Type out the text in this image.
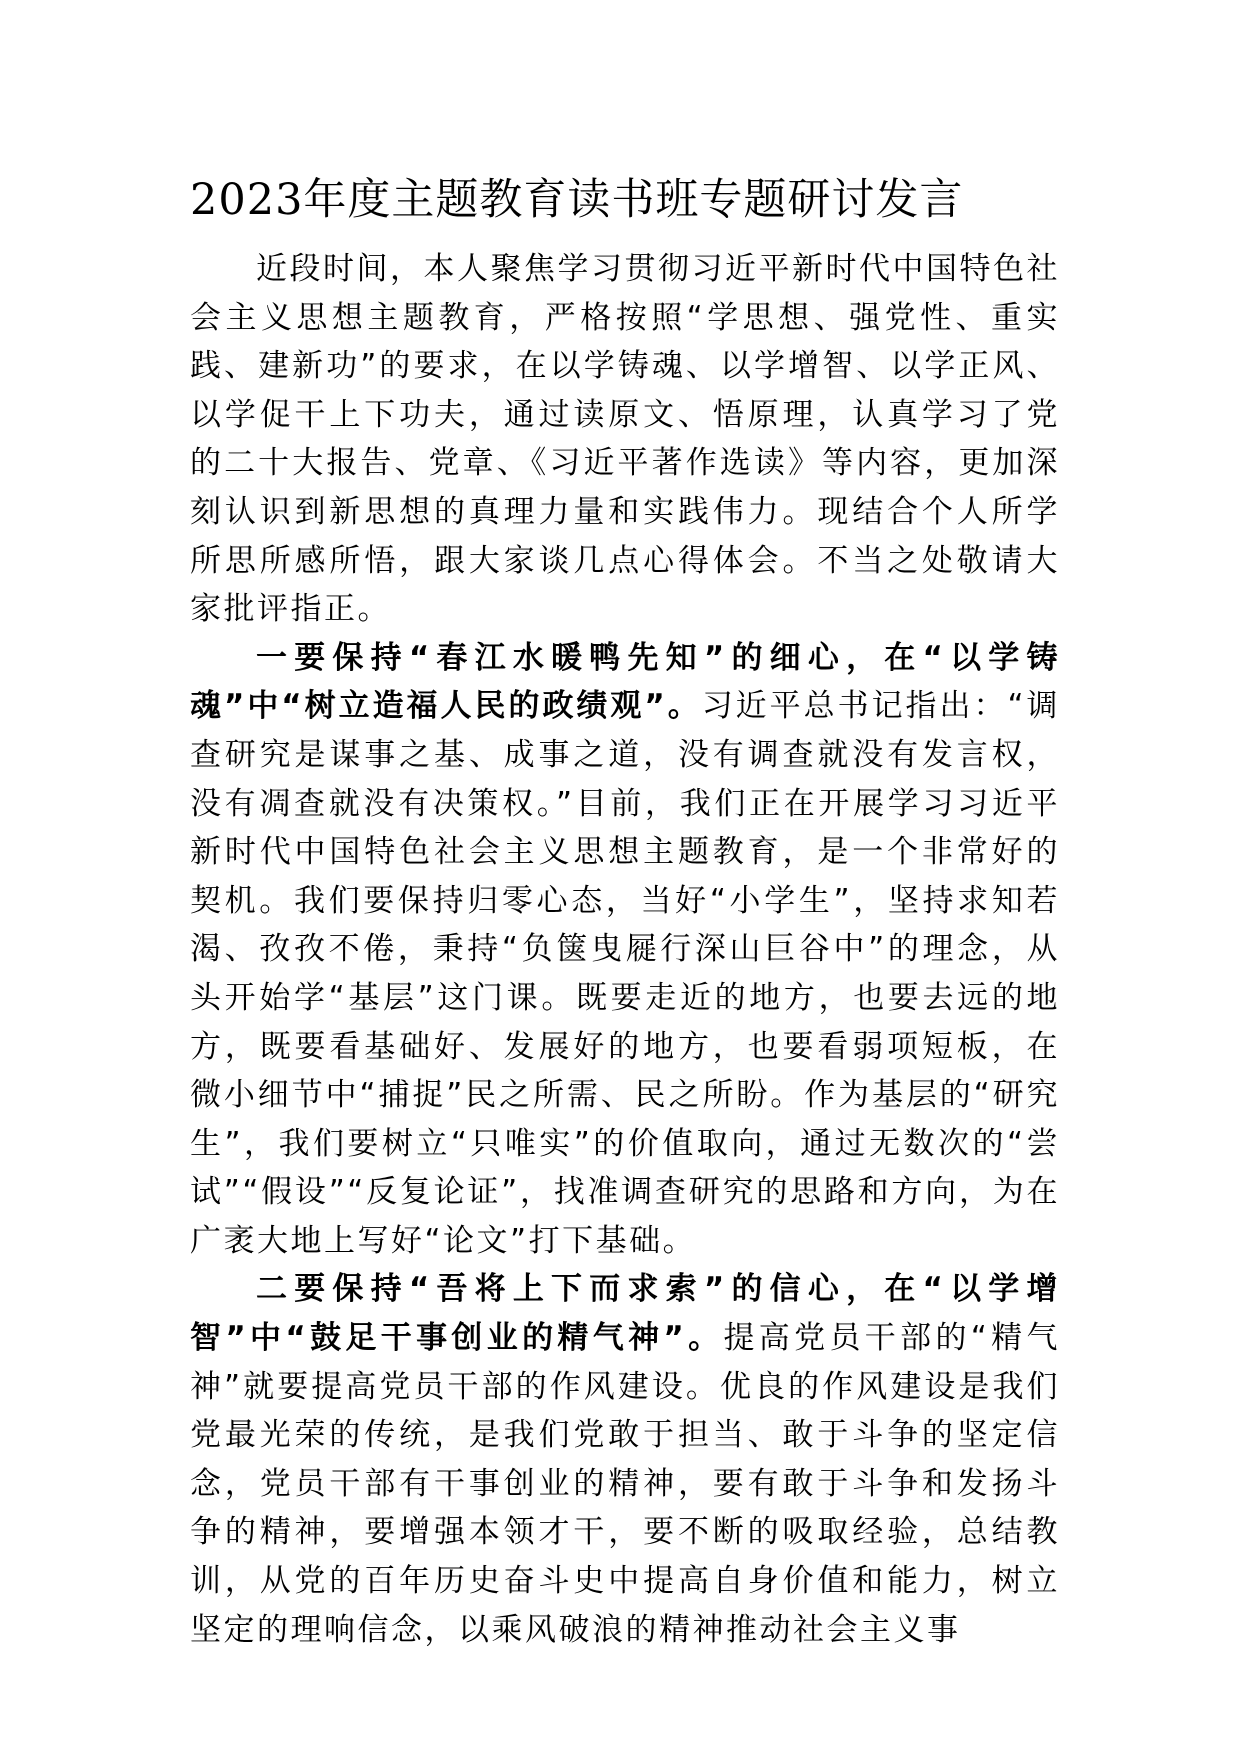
2023年度主题教育读书班专题研讨发言

近段时间，本人聚焦学习贯彻习近平新时代中国特色社会主义思想主题教育，严格按照“学思想、强党性、重实践、建新功”的要求，在以学铸魂、以学增智、以学正风、以学促干上下功夫，通过读原文、悟原理，认真学习了党的二十大报告、党章、《习近平著作选读》等内容，更加深刻认识到新思想的真理力量和实践伟力。现结合个人所学所思所感所悟，跟大家谈几点心得体会。不当之处敬请大家批评指正。

一要保持“春江水暖鸭先知”的细心，在“以学铸魂”中“树立造福人民的政绩观”。习近平总书记指出：“调查研究是谋事之基、成事之道，没有调查就没有发言权，没有凋查就没有决策权。”目前，我们正在开展学习习近平新时代中国特色社会主义思想主题教育，是一个非常好的契机。我们要保持归零心态，当好“小学生”，坚持求知若渴、孜孜不倦，秉持“负箧曳屣行深山巨谷中”的理念，从头开始学“基层”这门课。既要走近的地方，也要去远的地方，既要看基础好、发展好的地方，也要看弱项短板，在微小细节中“捕捉”民之所需、民之所盼。作为基层的“研究生”，我们要树立“只唯实”的价值取向，通过无数次的“尝试”“假设”“反复论证”，找准调查研究的思路和方向，为在广袤大地上写好“论文”打下基础。

二要保持“吾将上下而求索”的信心，在“以学增智”中“鼓足干事创业的精气神”。提高党员干部的“精气神”就要提高党员干部的作风建设。优良的作风建设是我们党最光荣的传统，是我们党敢于担当、敢于斗争的坚定信念，党员干部有干事创业的精神，要有敢于斗争和发扬斗争的精神，要增强本领才干，要不断的吸取经验，总结教训，从党的百年历史奋斗史中提高自身价值和能力，树立坚定的理响信念，以乘风破浪的精神推动社会主义事
